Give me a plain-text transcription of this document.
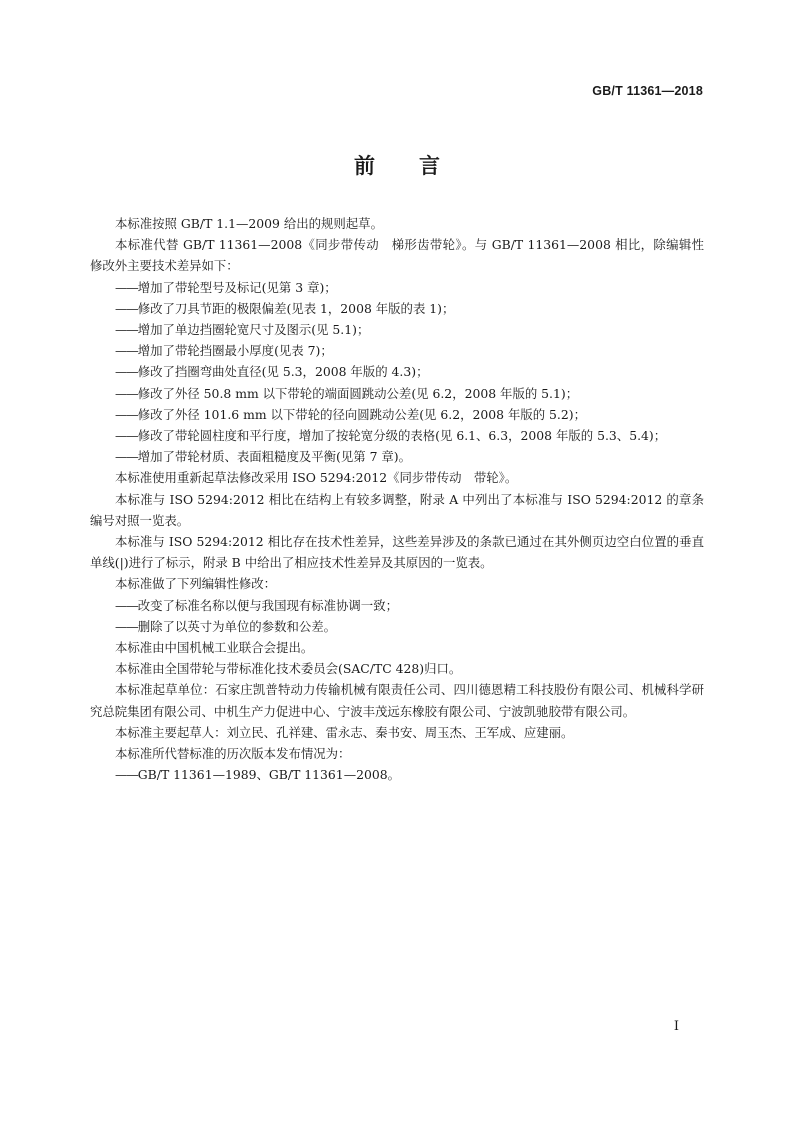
GB/T 11361—2018
前言

本标准按照 GB/T 1.1—2009 给出的规则起草。

本标准代替 GB/T 11361—2008《同步带传动　梯形齿带轮》。与 GB/T 11361—2008 相比，除编辑性修改外主要技术差异如下：

——增加了带轮型号及标记(见第 3 章)；

——修改了刀具节距的极限偏差(见表 1，2008 年版的表 1)；

——增加了单边挡圈轮宽尺寸及图示(见 5.1)；

——增加了带轮挡圈最小厚度(见表 7)；

——修改了挡圈弯曲处直径(见 5.3，2008 年版的 4.3)；

——修改了外径 50.8 mm 以下带轮的端面圆跳动公差(见 6.2，2008 年版的 5.1)；

——修改了外径 101.6 mm 以下带轮的径向圆跳动公差(见 6.2，2008 年版的 5.2)；

——修改了带轮圆柱度和平行度，增加了按轮宽分级的表格(见 6.1、6.3，2008 年版的 5.3、5.4)；

——增加了带轮材质、表面粗糙度及平衡(见第 7 章)。

本标准使用重新起草法修改采用 ISO 5294:2012《同步带传动　带轮》。

本标准与 ISO 5294:2012 相比在结构上有较多调整，附录 A 中列出了本标准与 ISO 5294:2012 的章条编号对照一览表。

本标准与 ISO 5294:2012 相比存在技术性差异，这些差异涉及的条款已通过在其外侧页边空白位置的垂直单线(|)进行了标示，附录 B 中给出了相应技术性差异及其原因的一览表。

本标准做了下列编辑性修改：

——改变了标准名称以便与我国现有标准协调一致；

——删除了以英寸为单位的参数和公差。

本标准由中国机械工业联合会提出。

本标准由全国带轮与带标准化技术委员会(SAC/TC 428)归口。

本标准起草单位：石家庄凯普特动力传输机械有限责任公司、四川德恩精工科技股份有限公司、机械科学研究总院集团有限公司、中机生产力促进中心、宁波丰茂远东橡胶有限公司、宁波凯驰胶带有限公司。

本标准主要起草人：刘立民、孔祥建、雷永志、秦书安、周玉杰、王军成、应建丽。

本标准所代替标准的历次版本发布情况为：

——GB/T 11361—1989、GB/T 11361—2008。

I
